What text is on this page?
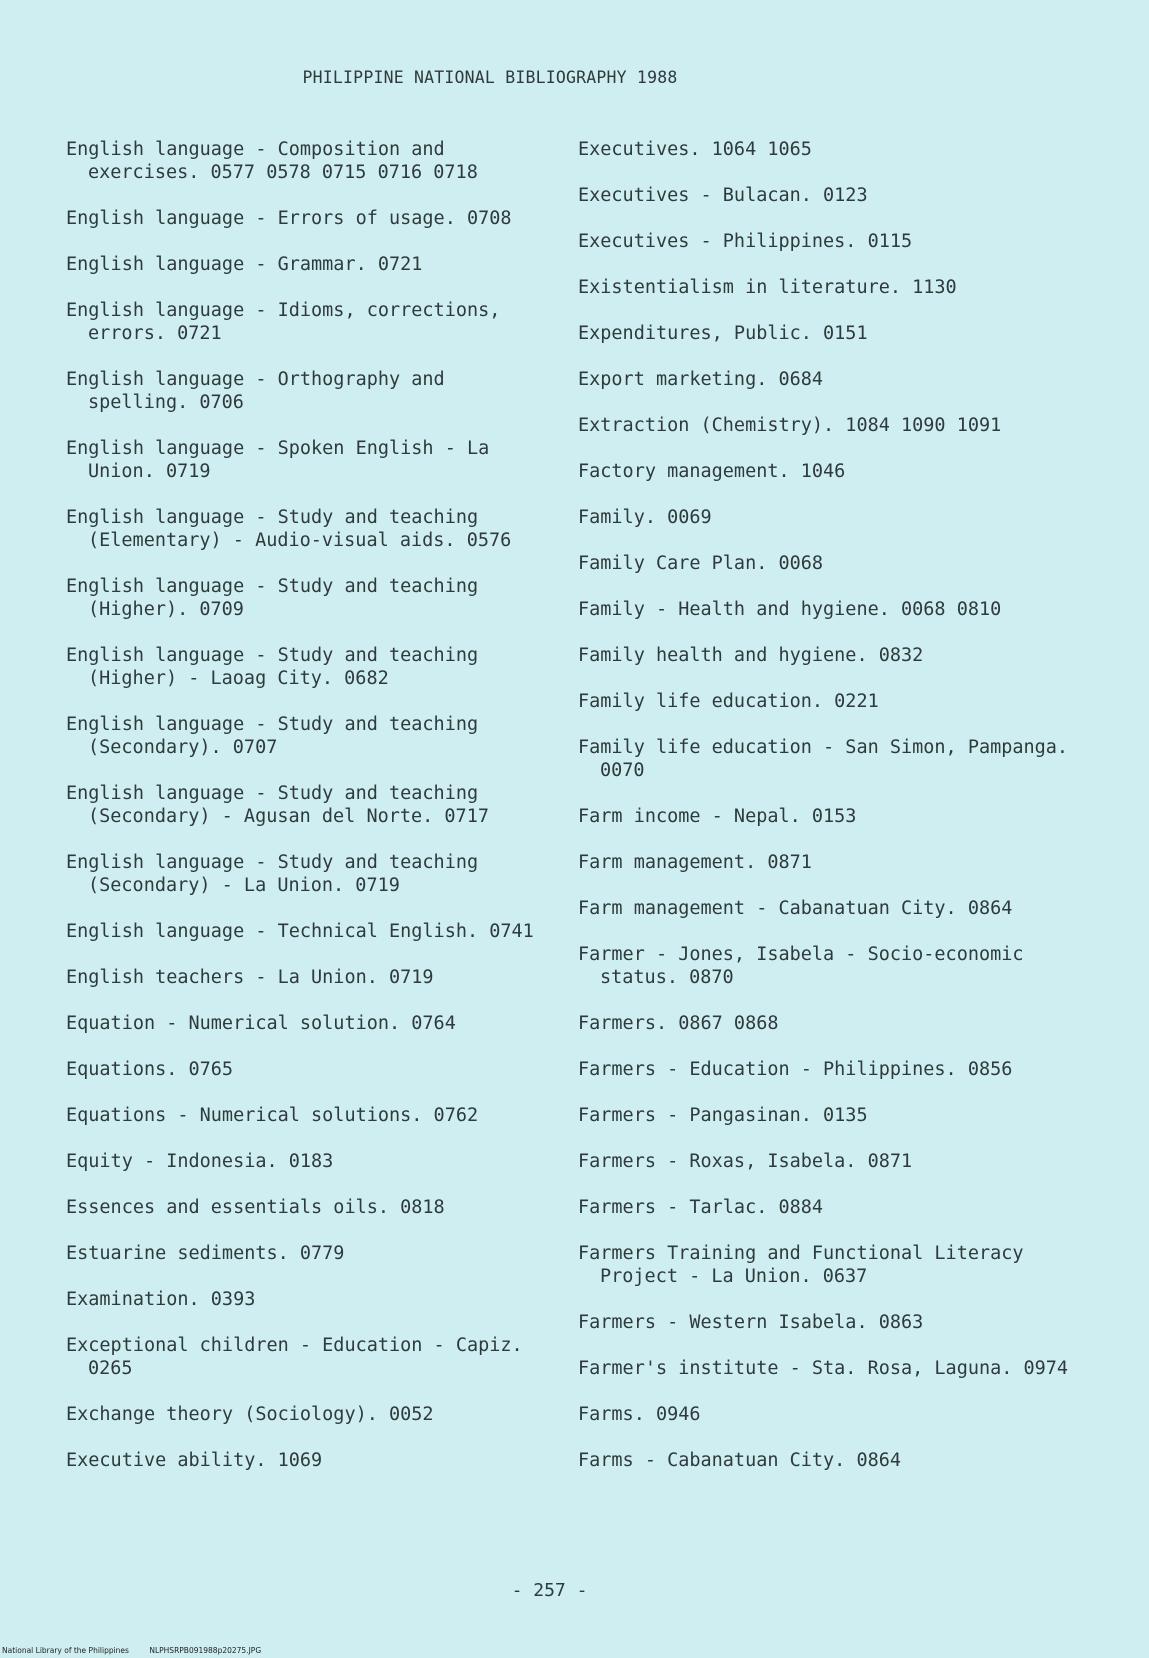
PHILIPPINE NATIONAL BIBLIOGRAPHY 1988
English language - Composition and exercises. 0577 0578 0715 0716 0718
English language - Errors of usage. 0708
English language - Grammar. 0721
English language - Idioms, corrections, errors. 0721
English language - Orthography and spelling. 0706
English language - Spoken English - La Union. 0719
English language - Study and teaching (Elementary) - Audio-visual aids. 0576
English language - Study and teaching (Higher). 0709
English language - Study and teaching (Higher) - Laoag City. 0682
English language - Study and teaching (Secondary). 0707
English language - Study and teaching (Secondary) - Agusan del Norte. 0717
English language - Study and teaching (Secondary) - La Union. 0719
English language - Technical English. 0741
English teachers - La Union. 0719
Equation - Numerical solution. 0764
Equations. 0765
Equations - Numerical solutions. 0762
Equity - Indonesia. 0183
Essences and essentials oils. 0818
Estuarine sediments. 0779
Examination. 0393
Exceptional children - Education - Capiz. 0265
Exchange theory (Sociology). 0052
Executive ability. 1069
Executives. 1064 1065
Executives - Bulacan. 0123
Executives - Philippines. 0115
Existentialism in literature. 1130
Expenditures, Public. 0151
Export marketing. 0684
Extraction (Chemistry). 1084 1090 1091
Factory management. 1046
Family. 0069
Family Care Plan. 0068
Family - Health and hygiene. 0068 0810
Family health and hygiene. 0832
Family life education. 0221
Family life education - San Simon, Pampanga. 0070
Farm income - Nepal. 0153
Farm management. 0871
Farm management - Cabanatuan City. 0864
Farmer - Jones, Isabela - Socio-economic status. 0870
Farmers. 0867 0868
Farmers - Education - Philippines. 0856
Farmers - Pangasinan. 0135
Farmers - Roxas, Isabela. 0871
Farmers - Tarlac. 0884
Farmers Training and Functional Literacy Project - La Union. 0637
Farmers - Western Isabela. 0863
Farmer's institute - Sta. Rosa, Laguna. 0974
Farms. 0946
Farms - Cabanatuan City. 0864
- 257 -
National Library of the Philippines	NLPHSRPB091988p20275.JPG
